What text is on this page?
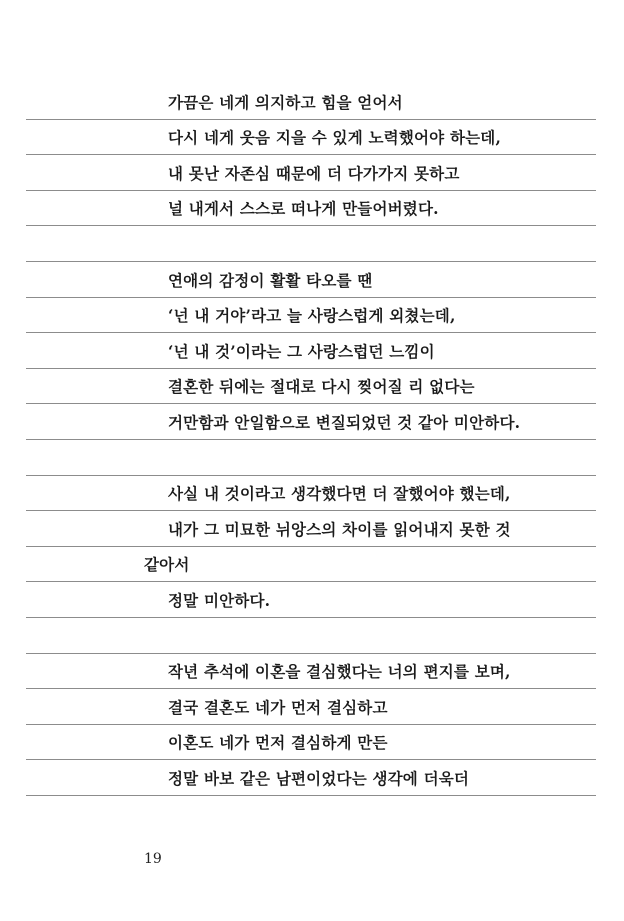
가끔은 네게 의지하고 힘을 얻어서
다시 네게 웃음 지을 수 있게 노력했어야 하는데,
내 못난 자존심 때문에 더 다가가지 못하고
널 내게서 스스로 떠나게 만들어버렸다.
연애의 감정이 활활 타오를 땐
‘넌 내 거야’라고 늘 사랑스럽게 외쳤는데,
‘넌 내 것’이라는 그 사랑스럽던 느낌이
결혼한 뒤에는 절대로 다시 찢어질 리 없다는
거만함과 안일함으로 변질되었던 것 같아 미안하다.
사실 내 것이라고 생각했다면 더 잘했어야 했는데,
내가 그 미묘한 뉘앙스의 차이를 읽어내지 못한 것
같아서
정말 미안하다.
작년 추석에 이혼을 결심했다는 너의 편지를 보며,
결국 결혼도 네가 먼저 결심하고
이혼도 네가 먼저 결심하게 만든
정말 바보 같은 남편이었다는 생각에 더욱더
19
